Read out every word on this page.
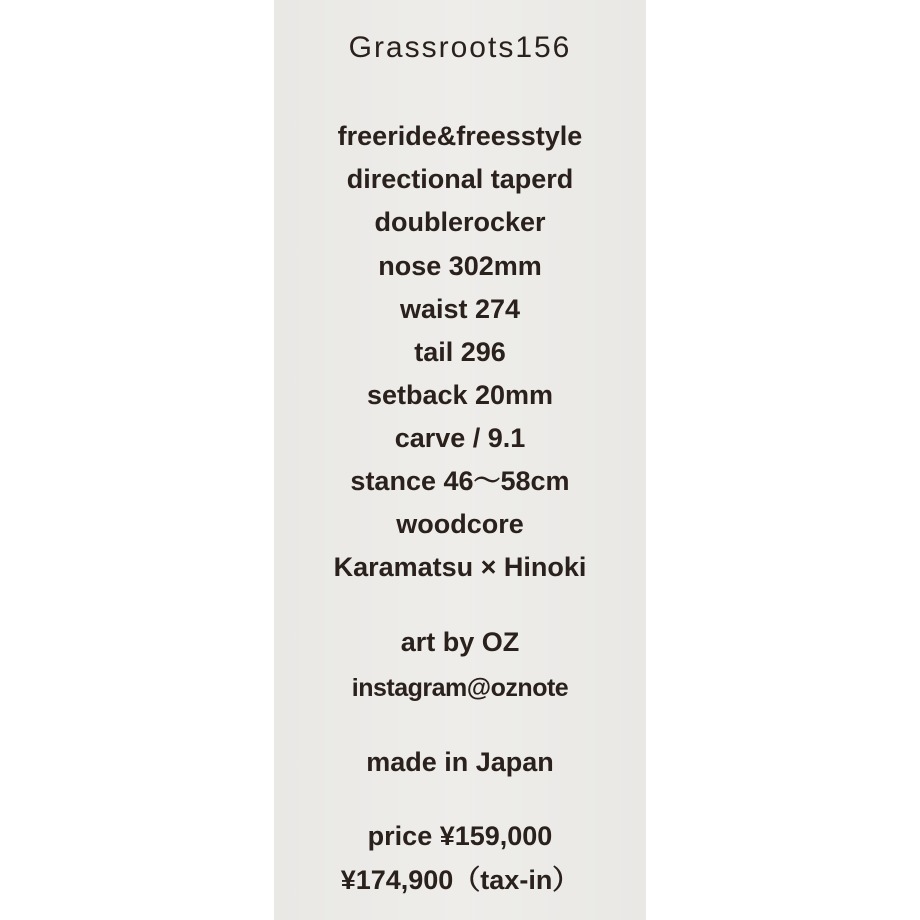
Grassroots156
freeride&freesstyle
directional taperd
doublerocker
nose 302mm
waist 274
tail 296
setback 20mm
carve / 9.1
stance 46～58cm
woodcore
Karamatsu × Hinoki
art by OZ
instagram@oznote
made in Japan
price ¥159,000
¥174,900（tax-in）
